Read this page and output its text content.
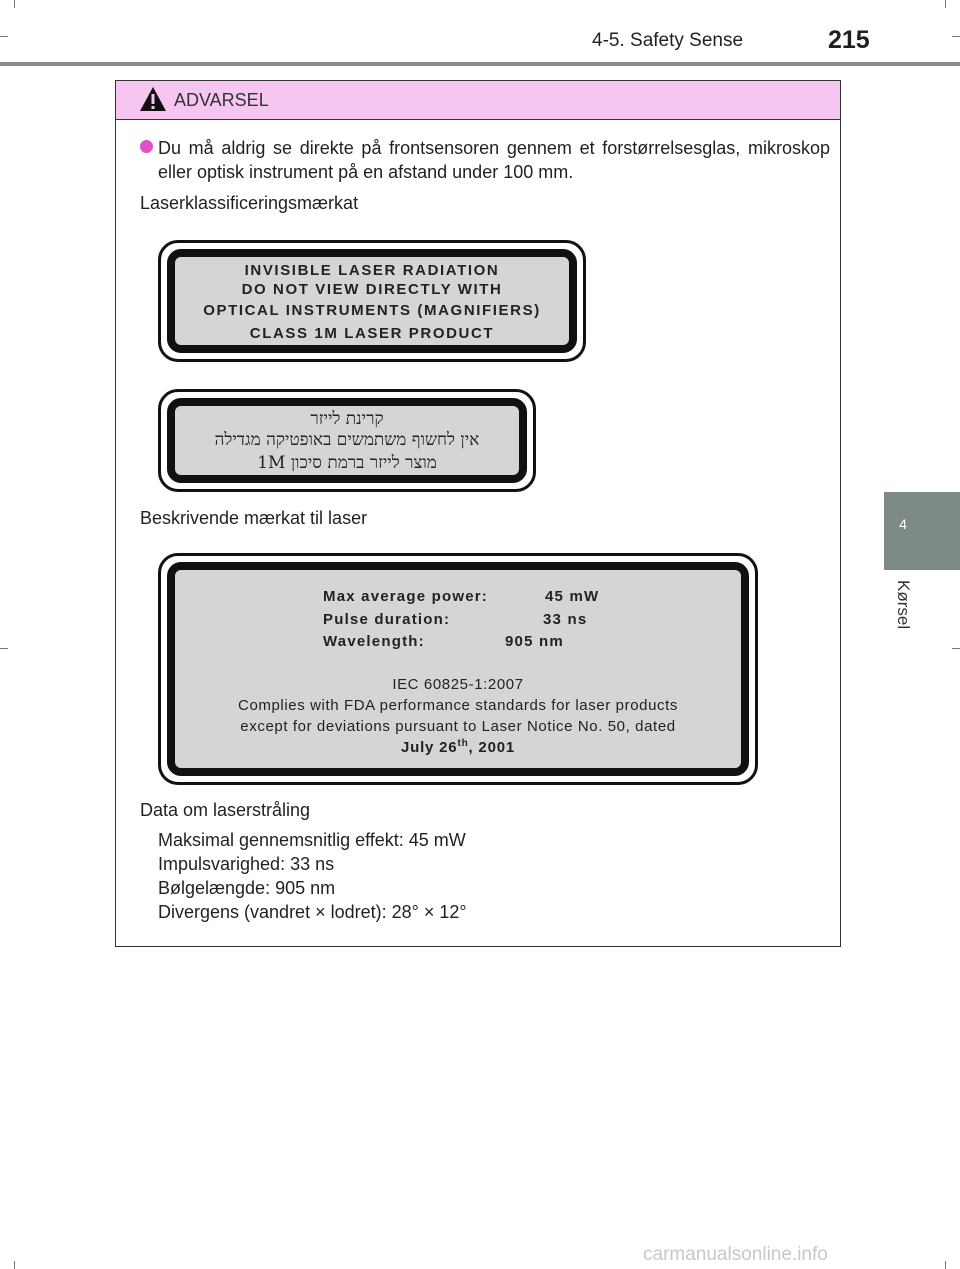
4-5. Safety Sense	215
4
Kørsel
ADVARSEL
Du må aldrig se direkte på frontsensoren gennem et forstørrelsesglas, mikroskop eller optisk instrument på en afstand under 100 mm.
Laserklassificeringsmærkat
INVISIBLE LASER RADIATION
DO NOT VIEW DIRECTLY WITH
OPTICAL INSTRUMENTS (MAGNIFIERS)
CLASS 1M LASER PRODUCT
קרינת לייזר
אין לחשוף משתמשים באופטיקה מגדילה
מוצר לייזר ברמת סיכון 1M
Beskrivende mærkat til laser
Max average power:	45 mW
Pulse duration:	33 ns
Wavelength:	905 nm
IEC 60825-1:2007
Complies with FDA performance standards for laser products
except for deviations pursuant to Laser Notice No. 50, dated
July 26th, 2001
Data om laserstråling
Maksimal gennemsnitlig effekt: 45 mW
Impulsvarighed: 33 ns
Bølgelængde: 905 nm
Divergens (vandret × lodret): 28° × 12°
carmanualsonline.info
